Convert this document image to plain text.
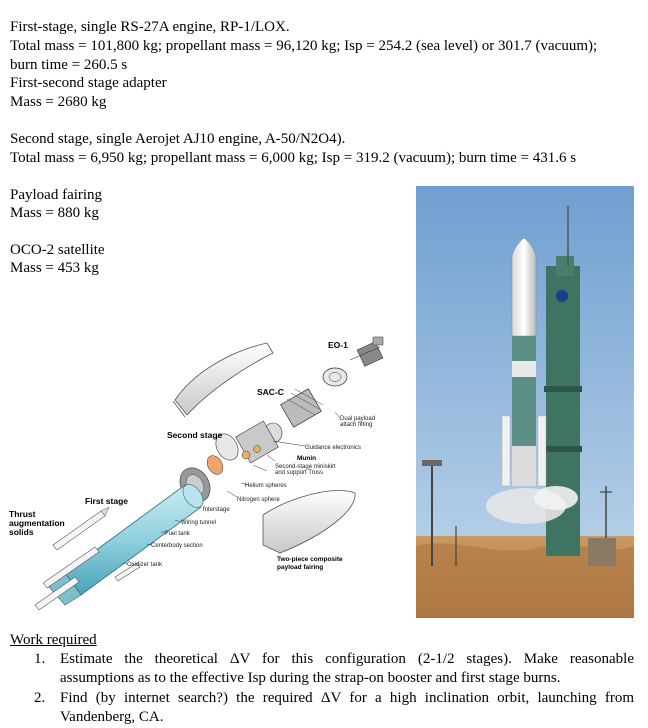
First-stage, single RS-27A engine, RP-1/LOX.
Total mass = 101,800 kg; propellant mass = 96,120 kg; Isp = 254.2 (sea level) or 301.7 (vacuum);
burn time = 260.5 s
First-second stage adapter
Mass = 2680 kg
Second stage, single Aerojet AJ10 engine, A-50/N2O4).
Total mass = 6,950 kg; propellant mass = 6,000 kg; Isp = 319.2 (vacuum); burn time = 431.6 s
Payload fairing
Mass = 880 kg
OCO-2 satellite
Mass = 453 kg
EO-1
SAC-C
Second stage
First stage
Thrust
augmentation
solids
Dual payload
attach fitting
Guidance electronics
Munin
Second-stage miniskirt
and support Truss
Helium spheres
Nitrogen sphere
Interstage
Wiring tunnel
Fuel tank
Centerbody section
Oxidizer tank
Two-piece composite
payload fairing
Work required
1. Estimate the theoretical ΔV for this configuration (2-1/2 stages). Make reasonable
assumptions as to the effective Isp during the strap-on booster and first stage burns.
2. Find (by internet search?) the required ΔV for a high inclination orbit, launching from
Vandenberg, CA.
